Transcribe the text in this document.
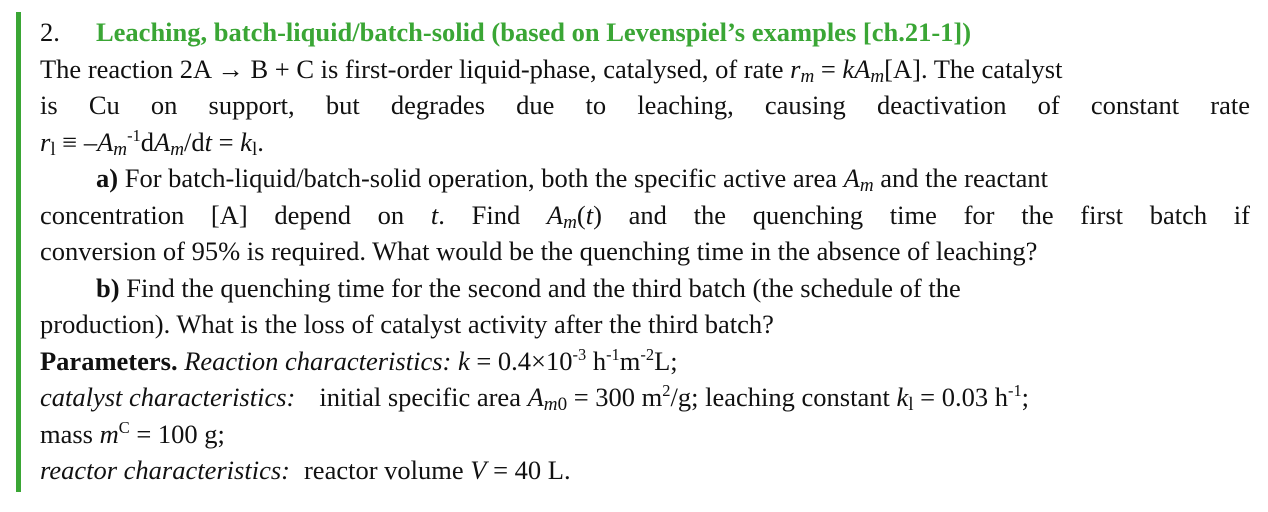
2. Leaching, batch-liquid/batch-solid (based on Levenspiel’s examples [ch.21-1])
The reaction 2A → B + C is first-order liquid-phase, catalysed, of rate $r_m = kA_m[A]$. The catalyst
is Cu on support, but degrades due to leaching, causing deactivation of constant rate
$r_l \equiv -A_m^{-1}dA_m/dt = k_l$.
a) For batch-liquid/batch-solid operation, both the specific active area $A_m$ and the reactant
concentration [A] depend on t. Find $A_m(t)$ and the quenching time for the first batch if
conversion of 95% is required. What would be the quenching time in the absence of leaching?
b) Find the quenching time for the second and the third batch (the schedule of the
production). What is the loss of catalyst activity after the third batch?
Parameters. Reaction characteristics: $k = 0.4\times 10^{-3}$ $h^{-1}m^{-2}L$;
catalyst characteristics: initial specific area $A_{m0} = 300$ $m^2/g$; leaching constant $k_l = 0.03$ $h^{-1}$;
mass $m^C = 100$ g;
reactor characteristics: reactor volume V = 40 L.
